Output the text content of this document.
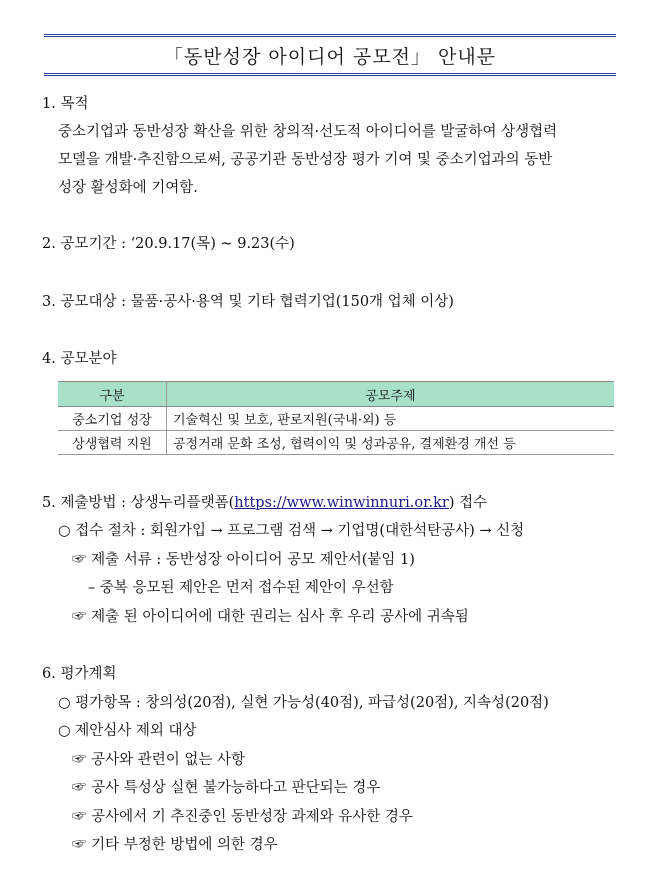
「동반성장 아이디어 공모전」 안내문
1. 목적
중소기업과 동반성장 확산을 위한 창의적·선도적 아이디어를 발굴하여 상생협력
모델을 개발·추진함으로써, 공공기관 동반성장 평가 기여 및 중소기업과의 동반
성장 활성화에 기여함.
2. 공모기간 : ‘20.9.17(목) ~ 9.23(수)
3. 공모대상 : 물품·공사·용역 및 기타 협력기업(150개 업체 이상)
4. 공모분야
구분	공모주제
중소기업 성장	기술혁신 및 보호, 판로지원(국내·외) 등
상생협력 지원	공정거래 문화 조성, 협력이익 및 성과공유, 결제환경 개선 등
5. 제출방법 : 상생누리플랫폼(https://www.winwinnuri.or.kr) 접수
○ 접수 절차 : 회원가입 → 프로그램 검색 → 기업명(대한석탄공사) → 신청
☞ 제출 서류 : 동반성장 아이디어 공모 제안서(붙임 1)
– 중복 응모된 제안은 먼저 접수된 제안이 우선함
☞ 제출 된 아이디어에 대한 권리는 심사 후 우리 공사에 귀속됨
6. 평가계획
○ 평가항목 : 창의성(20점), 실현 가능성(40점), 파급성(20점), 지속성(20점)
○ 제안심사 제외 대상
☞ 공사와 관련이 없는 사항
☞ 공사 특성상 실현 불가능하다고 판단되는 경우
☞ 공사에서 기 추진중인 동반성장 과제와 유사한 경우
☞ 기타 부정한 방법에 의한 경우
